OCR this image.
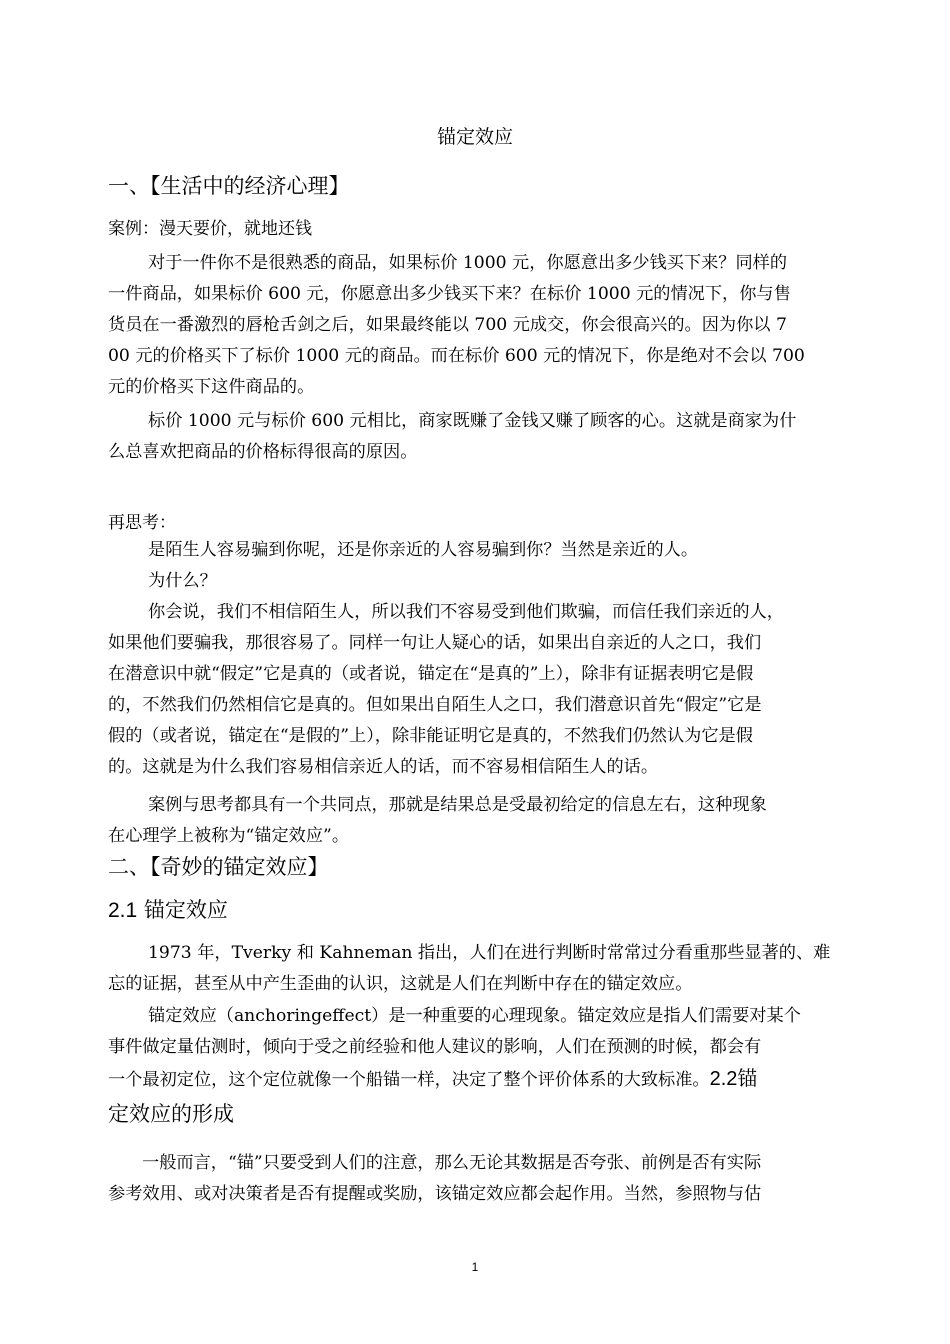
锚定效应
一、【生活中的经济心理】
案例：漫天要价，就地还钱
对于一件你不是很熟悉的商品，如果标价 1000 元，你愿意出多少钱买下来？同样的
一件商品，如果标价 600 元，你愿意出多少钱买下来？在标价 1000 元的情况下，你与售
货员在一番激烈的唇枪舌剑之后，如果最终能以 700 元成交，你会很高兴的。因为你以 7
00 元的价格买下了标价 1000 元的商品。而在标价 600 元的情况下，你是绝对不会以 700
元的价格买下这件商品的。
标价 1000 元与标价 600 元相比，商家既赚了金钱又赚了顾客的心。这就是商家为什
么总喜欢把商品的价格标得很高的原因。
再思考：
是陌生人容易骗到你呢，还是你亲近的人容易骗到你？当然是亲近的人。
为什么？
你会说，我们不相信陌生人，所以我们不容易受到他们欺骗，而信任我们亲近的人，
如果他们要骗我，那很容易了。同样一句让人疑心的话，如果出自亲近的人之口，我们
在潜意识中就“假定”它是真的（或者说，锚定在“是真的”上），除非有证据表明它是假
的，不然我们仍然相信它是真的。但如果出自陌生人之口，我们潜意识首先“假定”它是
假的（或者说，锚定在“是假的”上），除非能证明它是真的，不然我们仍然认为它是假
的。这就是为什么我们容易相信亲近人的话，而不容易相信陌生人的话。
案例与思考都具有一个共同点，那就是结果总是受最初给定的信息左右，这种现象
在心理学上被称为“锚定效应”。
二、【奇妙的锚定效应】
2.1 锚定效应
1973 年，Tverky 和 Kahneman 指出，人们在进行判断时常常过分看重那些显著的、难
忘的证据，甚至从中产生歪曲的认识，这就是人们在判断中存在的锚定效应。
锚定效应（anchoringeffect）是一种重要的心理现象。锚定效应是指人们需要对某个
事件做定量估测时，倾向于受之前经验和他人建议的影响，人们在预测的时候，都会有
一个最初定位，这个定位就像一个船锚一样，决定了整个评价体系的大致标准。2.2锚
定效应的形成
一般而言，“锚”只要受到人们的注意，那么无论其数据是否夸张、前例是否有实际
参考效用、或对决策者是否有提醒或奖励，该锚定效应都会起作用。当然，参照物与估
1
